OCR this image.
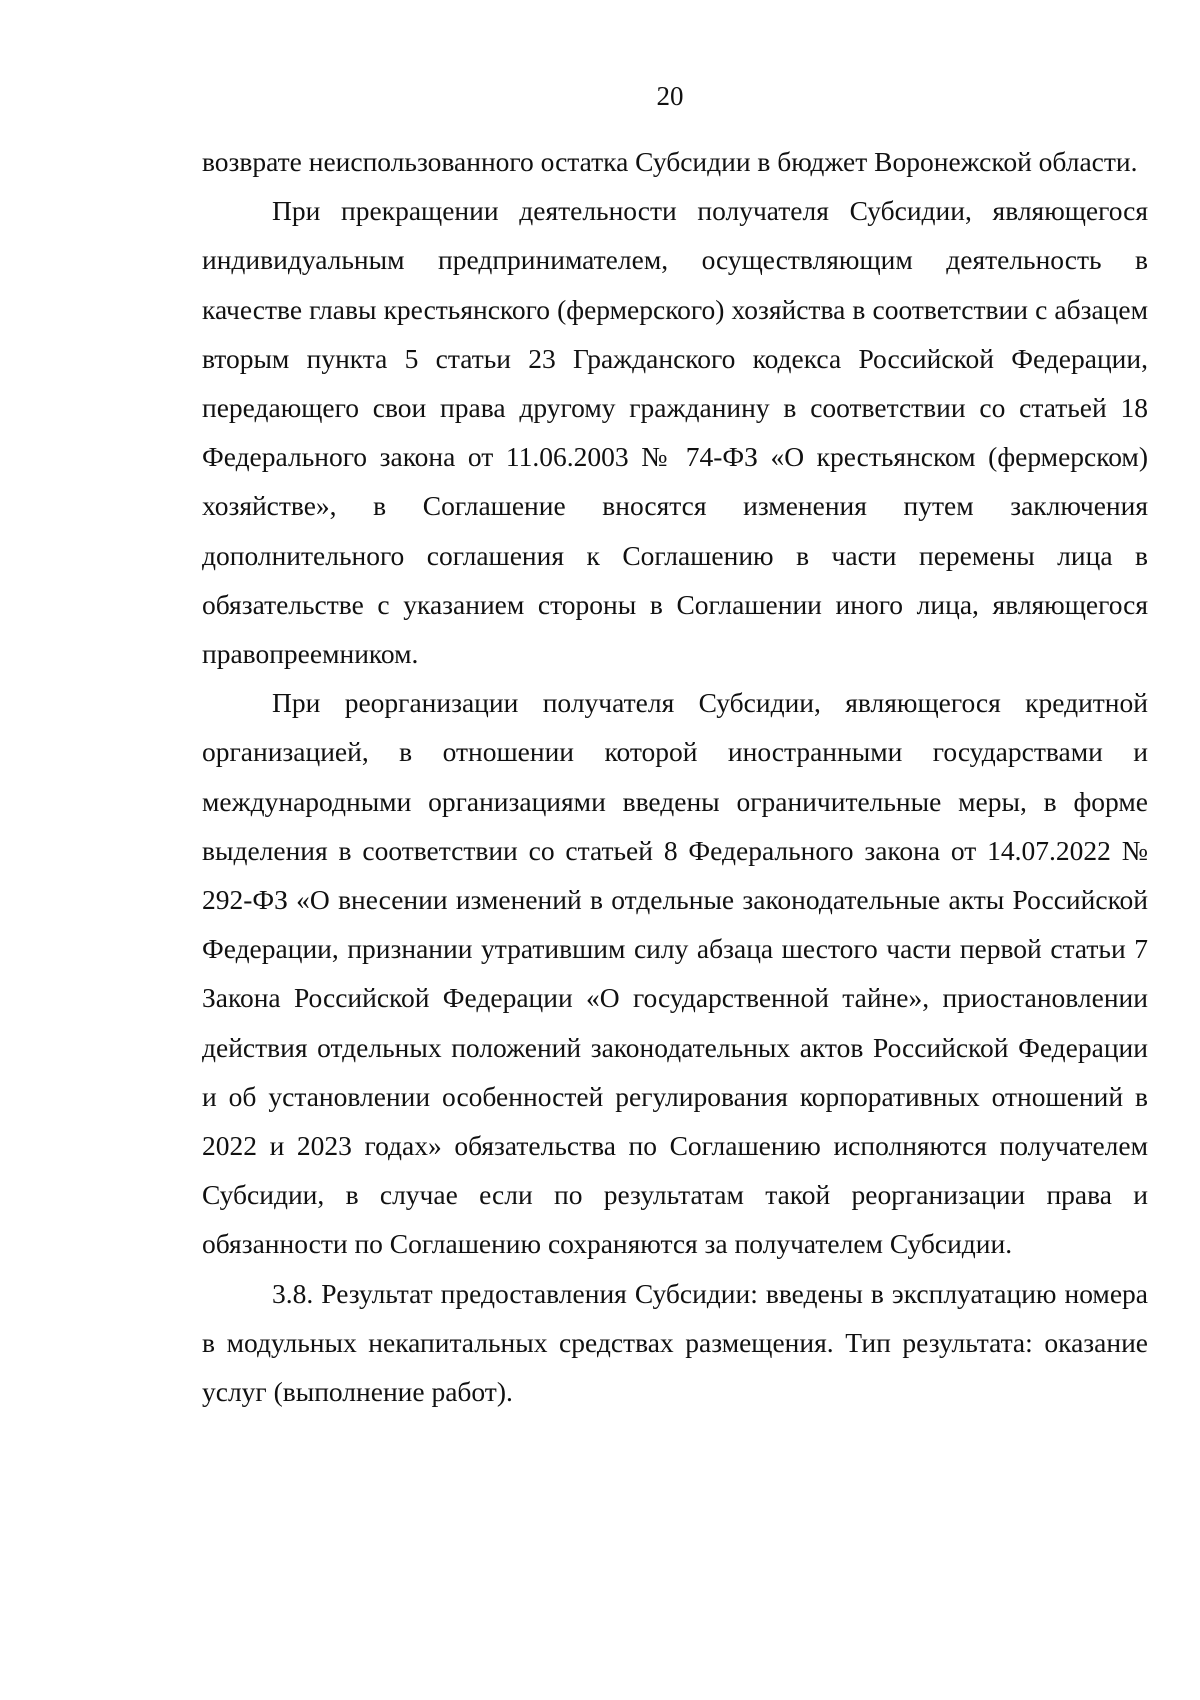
20

возврате неиспользованного остатка Субсидии в бюджет Воронежской области.

При прекращении деятельности получателя Субсидии, являющегося индивидуальным предпринимателем, осуществляющим деятельность в качестве главы крестьянского (фермерского) хозяйства в соответствии с абзацем вторым пункта 5 статьи 23 Гражданского кодекса Российской Федерации, передающего свои права другому гражданину в соответствии со статьей 18 Федерального закона от 11.06.2003 № 74-ФЗ «О крестьянском (фермерском) хозяйстве», в Соглашение вносятся изменения путем заключения дополнительного соглашения к Соглашению в части перемены лица в обязательстве с указанием стороны в Соглашении иного лица, являющегося правопреемником.

При реорганизации получателя Субсидии, являющегося кредитной организацией, в отношении которой иностранными государствами и международными организациями введены ограничительные меры, в форме выделения в соответствии со статьей 8 Федерального закона от 14.07.2022 № 292-ФЗ «О внесении изменений в отдельные законодательные акты Российской Федерации, признании утратившим силу абзаца шестого части первой статьи 7 Закона Российской Федерации «О государственной тайне», приостановлении действия отдельных положений законодательных актов Российской Федерации и об установлении особенностей регулирования корпоративных отношений в 2022 и 2023 годах» обязательства по Соглашению исполняются получателем Субсидии, в случае если по результатам такой реорганизации права и обязанности по Соглашению сохраняются за получателем Субсидии.

3.8. Результат предоставления Субсидии: введены в эксплуатацию номера в модульных некапитальных средствах размещения. Тип результата: оказание услуг (выполнение работ).
